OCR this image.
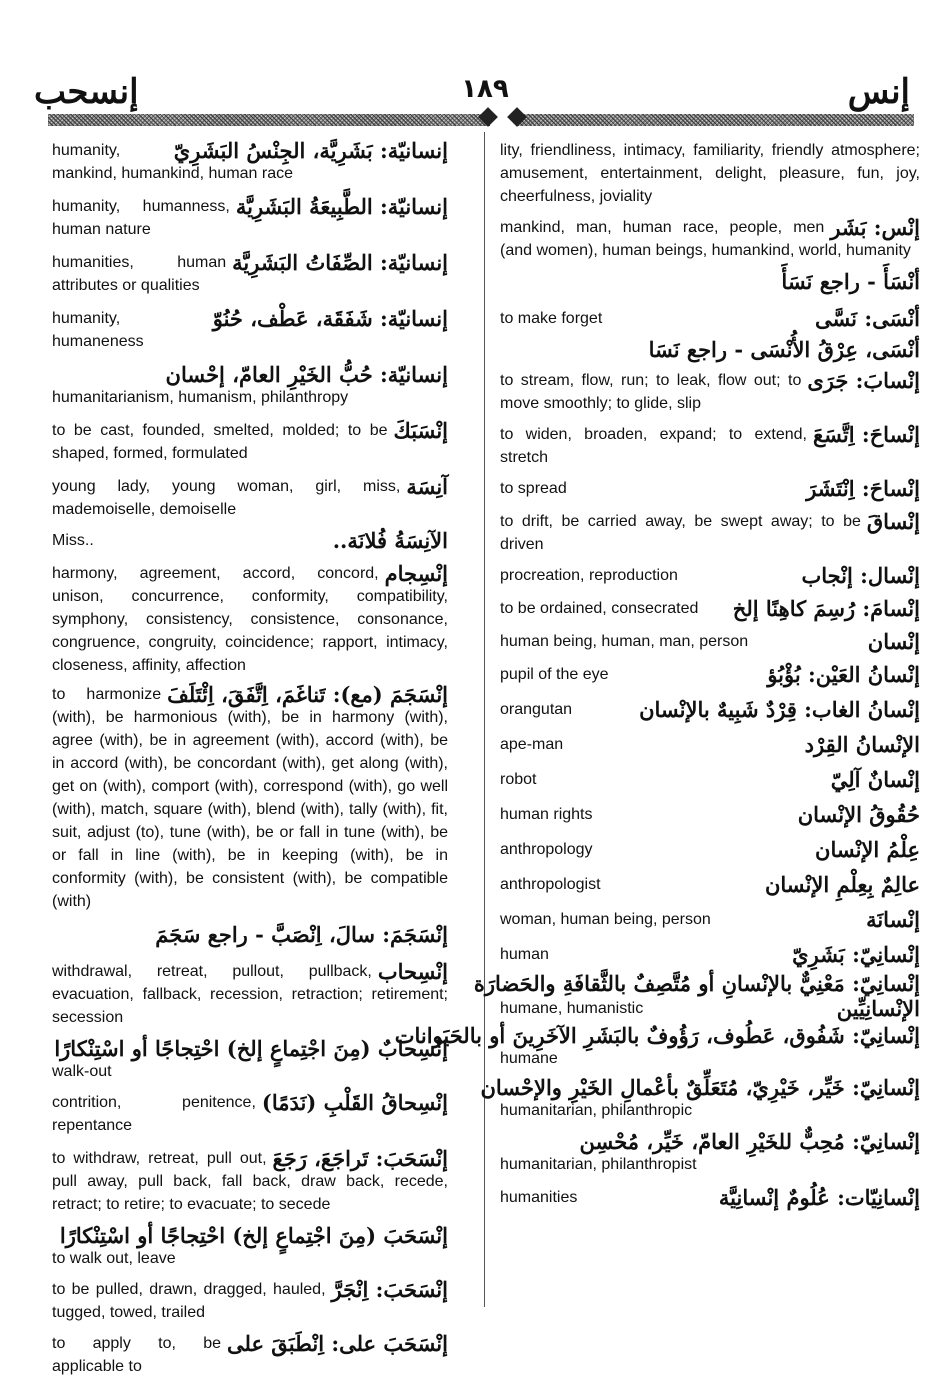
إنسحب	١٨٩	إنس
إنسانيّة: بَشَرِيَّة، الجِنْسُ البَشَرِيّ
humanity, mankind, humankind, human race
إنسانيّة: الطَّبِيعَةُ البَشَرِيَّة
humanity, humanness, human nature
إنسانيّة: الصِّفَاتُ البَشَرِيَّة
humanities, human attributes or qualities
إنسانيّة: شَفَقَة، عَطْف، حُنُوّ
humanity, humaneness
إنسانيّة: حُبُّ الخَيْرِ العامّ، إحْسان
humanitarianism, humanism, philanthropy
إنْسَبَكَ
to be cast, founded, smelted, molded; to be shaped, formed, formulated
آنِسَة
young lady, young woman, girl, miss, mademoiselle, demoiselle
الآنِسَةُ فُلانَة..
Miss..
إنْسِجام
harmony, agreement, accord, concord, unison, concurrence, conformity, compatibility, symphony, consistency, consistence, consonance, congruence, congruity, coincidence; rapport, intimacy, closeness, affinity, affection
إنْسَجَمَ (مع): تَناغَمَ، اِتَّفَقَ، اِئْتَلَفَ
to harmonize (with), be harmonious (with), be in harmony (with), agree (with), be in agreement (with), accord (with), be in accord (with), be concordant (with), get along (with), get on (with), comport (with), correspond (with), go well (with), match, square (with), blend (with), tally (with), fit, suit, adjust (to), tune (with), be or fall in tune (with), be or fall in line (with), be in keeping (with), be in conformity (with), be consistent (with), be compatible (with)
إنْسَجَمَ: سالَ، اِنْصَبَّ - راجع سَجَمَ
إنْسِحاب
withdrawal, retreat, pullout, pullback, evacuation, fallback, recession, retraction; retirement; secession
إنْسِحابٌ (مِنَ اجْتِماعٍ إلخ) احْتِجاجًا أو اسْتِنْكارًا
walk-out
إنْسِحاقُ القَلْبِ (نَدَمًا)
contrition, penitence, repentance
إنْسَحَبَ: تَراجَعَ، رَجَعَ
to withdraw, retreat, pull out, pull away, pull back, fall back, draw back, recede, retract; to retire; to evacuate; to secede
إنْسَحَبَ (مِنَ اجْتِماعٍ إلخ) احْتِجاجًا أو اسْتِنْكارًا
to walk out, leave
إنْسَحَبَ: اِنْجَرَّ
to be pulled, drawn, dragged, hauled, tugged, towed, trailed
إنْسَحَبَ على: اِنْطَبَقَ على
to apply to, be applicable to
lity, friendliness, intimacy, familiarity, friendly atmosphere; amusement, entertainment, delight, pleasure, fun, joy, cheerfulness, joviality
إنْس: بَشَر
mankind, man, human race, people, men (and women), human beings, humankind, world, humanity
أنْسَأَ - راجع نَسَأَ
أنْسَى: نَسَّى
to make forget
أنْسَى، عِرْقُ الأُنْسَى - راجع نَسَا
إنْسابَ: جَرَى
to stream, flow, run; to leak, flow out; to move smoothly; to glide, slip
إنْساحَ: اِتَّسَعَ
to widen, broaden, expand; to extend, stretch
إنْساحَ: اِنْتَشَرَ
to spread
إنْساقَ
to drift, be carried away, be swept away; to be driven
إنْسال: إنْجاب
procreation, reproduction
إنْسامَ: رُسِمَ كاهِنًا إلخ
to be ordained, consecrated
إنْسان
human being, human, man, person
إنْسانُ العَيْن: بُؤْبُؤ
pupil of the eye
إنْسانُ الغاب: قِرْدٌ شَبِيهٌ بالإنْسان
orangutan
الإنْسانُ القِرْد
ape-man
إنْسانٌ آلِيّ
robot
حُقُوقُ الإنْسان
human rights
عِلْمُ الإنْسان
anthropology
عالِمٌ بِعِلْمِ الإنْسان
anthropologist
إنْسانَة
woman, human being, person
إنْسانِيّ: بَشَرِيّ
human
إنْسانِيّ: مَعْنِيٌّ بالإنْسانِ أو مُتَّصِفٌ بالثَّقافَةِ والحَضارَة
الإنْسانِيِّين
humane, humanistic
إنْسانِيّ: شَفُوق، عَطُوف، رَؤُوفٌ بالبَشَرِ الآخَرِينَ أو بالحَيَوانات
humane
إنْسانِيّ: خَيِّر، خَيْرِيّ، مُتَعَلِّقٌ بأعْمالِ الخَيْرِ والإحْسان
humanitarian, philanthropic
إنْسانِيّ: مُحِبٌّ للخَيْرِ العامّ، خَيِّر، مُحْسِن
humanitarian, philanthropist
إنْسانِيّات: عُلُومٌ إنْسانِيَّة
humanities
